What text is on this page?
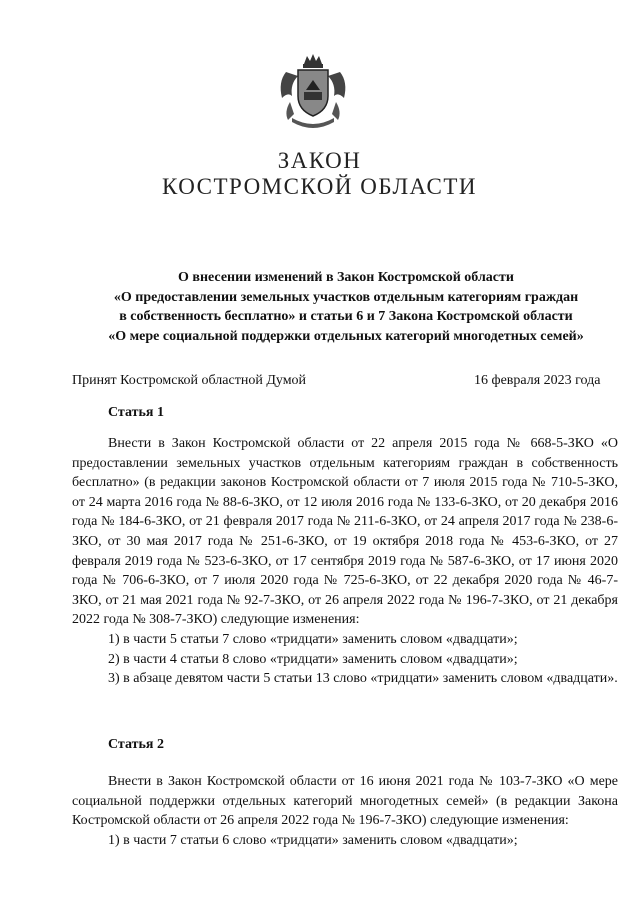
ЗАКОН
КОСТРОМСКОЙ ОБЛАСТИ
О внесении изменений в Закон Костромской области
«О предоставлении земельных участков отдельным категориям граждан
в собственность бесплатно» и статьи 6 и 7 Закона Костромской области
«О мере социальной поддержки отдельных категорий многодетных семей»
Принят Костромской областной Думой	16 февраля 2023 года
Статья 1

Внести в Закон Костромской области от 22 апреля 2015 года № 668-5-ЗКО «О предоставлении земельных участков отдельным категориям граждан в собственность бесплатно» (в редакции законов Костромской области от 7 июля 2015 года № 710-5-ЗКО, от 24 марта 2016 года № 88-6-ЗКО, от 12 июля 2016 года № 133-6-ЗКО, от 20 декабря 2016 года № 184-6-ЗКО, от 21 февраля 2017 года № 211-6-ЗКО, от 24 апреля 2017 года № 238-6-ЗКО, от 30 мая 2017 года № 251-6-ЗКО, от 19 октября 2018 года № 453-6-ЗКО, от 27 февраля 2019 года № 523-6-ЗКО, от 17 сентября 2019 года № 587-6-ЗКО, от 17 июня 2020 года № 706-6-ЗКО, от 7 июля 2020 года № 725-6-ЗКО, от 22 декабря 2020 года № 46-7-ЗКО, от 21 мая 2021 года № 92-7-ЗКО, от 26 апреля 2022 года № 196-7-ЗКО, от 21 декабря 2022 года № 308-7-ЗКО) следующие изменения:

1) в части 5 статьи 7 слово «тридцати» заменить словом «двадцати»;

2) в части 4 статьи 8 слово «тридцати» заменить словом «двадцати»;

3) в абзаце девятом части 5 статьи 13 слово «тридцати» заменить словом «двадцати».

Статья 2

Внести в Закон Костромской области от 16 июня 2021 года № 103-7-ЗКО «О мере социальной поддержки отдельных категорий многодетных семей» (в редакции Закона Костромской области от 26 апреля 2022 года № 196-7-ЗКО) следующие изменения:

1) в части 7 статьи 6 слово «тридцати» заменить словом «двадцати»;
